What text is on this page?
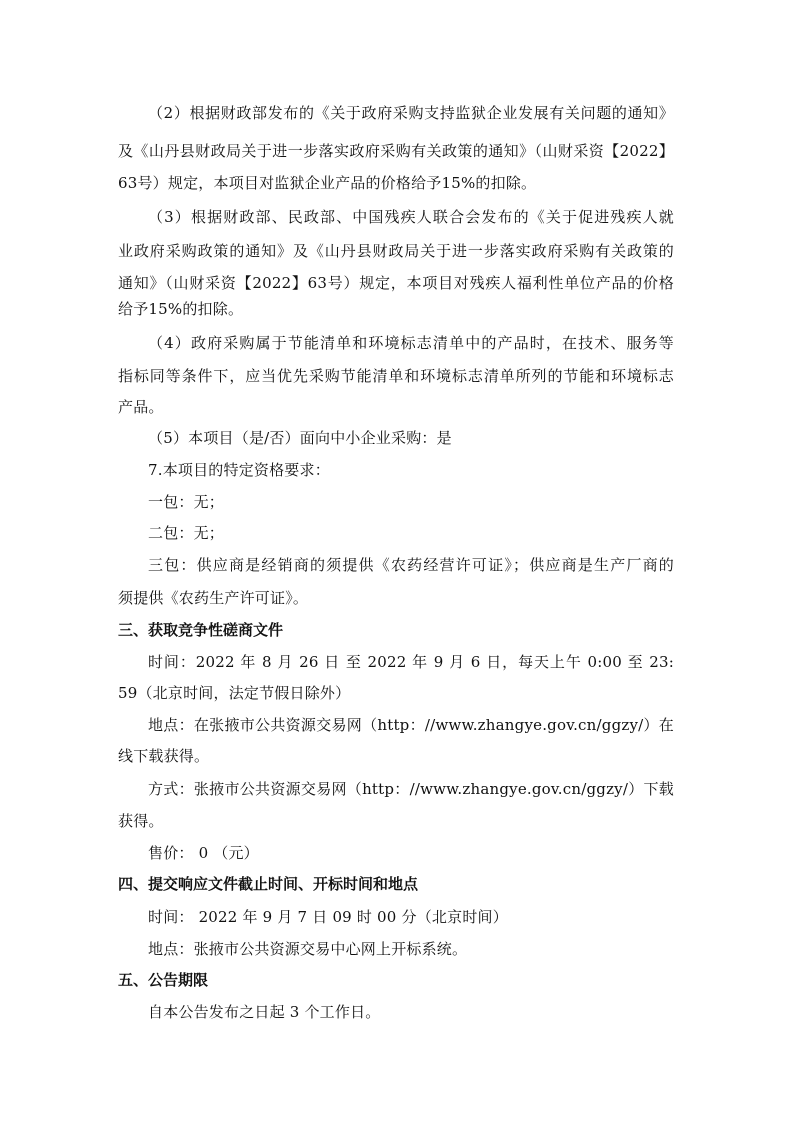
（2）根据财政部发布的《关于政府采购支持监狱企业发展有关问题的通知》
及《山丹县财政局关于进一步落实政府采购有关政策的通知》（山财采资【2022】
63号）规定，本项目对监狱企业产品的价格给予15%的扣除。
（3）根据财政部、民政部、中国残疾人联合会发布的《关于促进残疾人就
业政府采购政策的通知》及《山丹县财政局关于进一步落实政府采购有关政策的
通知》（山财采资【2022】63号）规定，本项目对残疾人福利性单位产品的价格
给予15%的扣除。
（4）政府采购属于节能清单和环境标志清单中的产品时，在技术、服务等
指标同等条件下，应当优先采购节能清单和环境标志清单所列的节能和环境标志
产品。
（5）本项目（是/否）面向中小企业采购：是
7.本项目的特定资格要求：
一包：无；
二包：无；
三包：供应商是经销商的须提供《农药经营许可证》；供应商是生产厂商的
须提供《农药生产许可证》。
三、获取竞争性磋商文件
时间：2022 年 8 月 26 日 至 2022 年 9 月 6 日，每天上午 0:00 至 23:
59（北京时间，法定节假日除外）
地点：在张掖市公共资源交易网（http：//www.zhangye.gov.cn/ggzy/）在
线下载获得。
方式：张掖市公共资源交易网（http：//www.zhangye.gov.cn/ggzy/）下载
获得。
售价： 0 （元）
四、提交响应文件截止时间、开标时间和地点
时间： 2022 年 9 月 7 日 09 时 00 分（北京时间）
地点：张掖市公共资源交易中心网上开标系统。
五、公告期限
自本公告发布之日起 3 个工作日。
